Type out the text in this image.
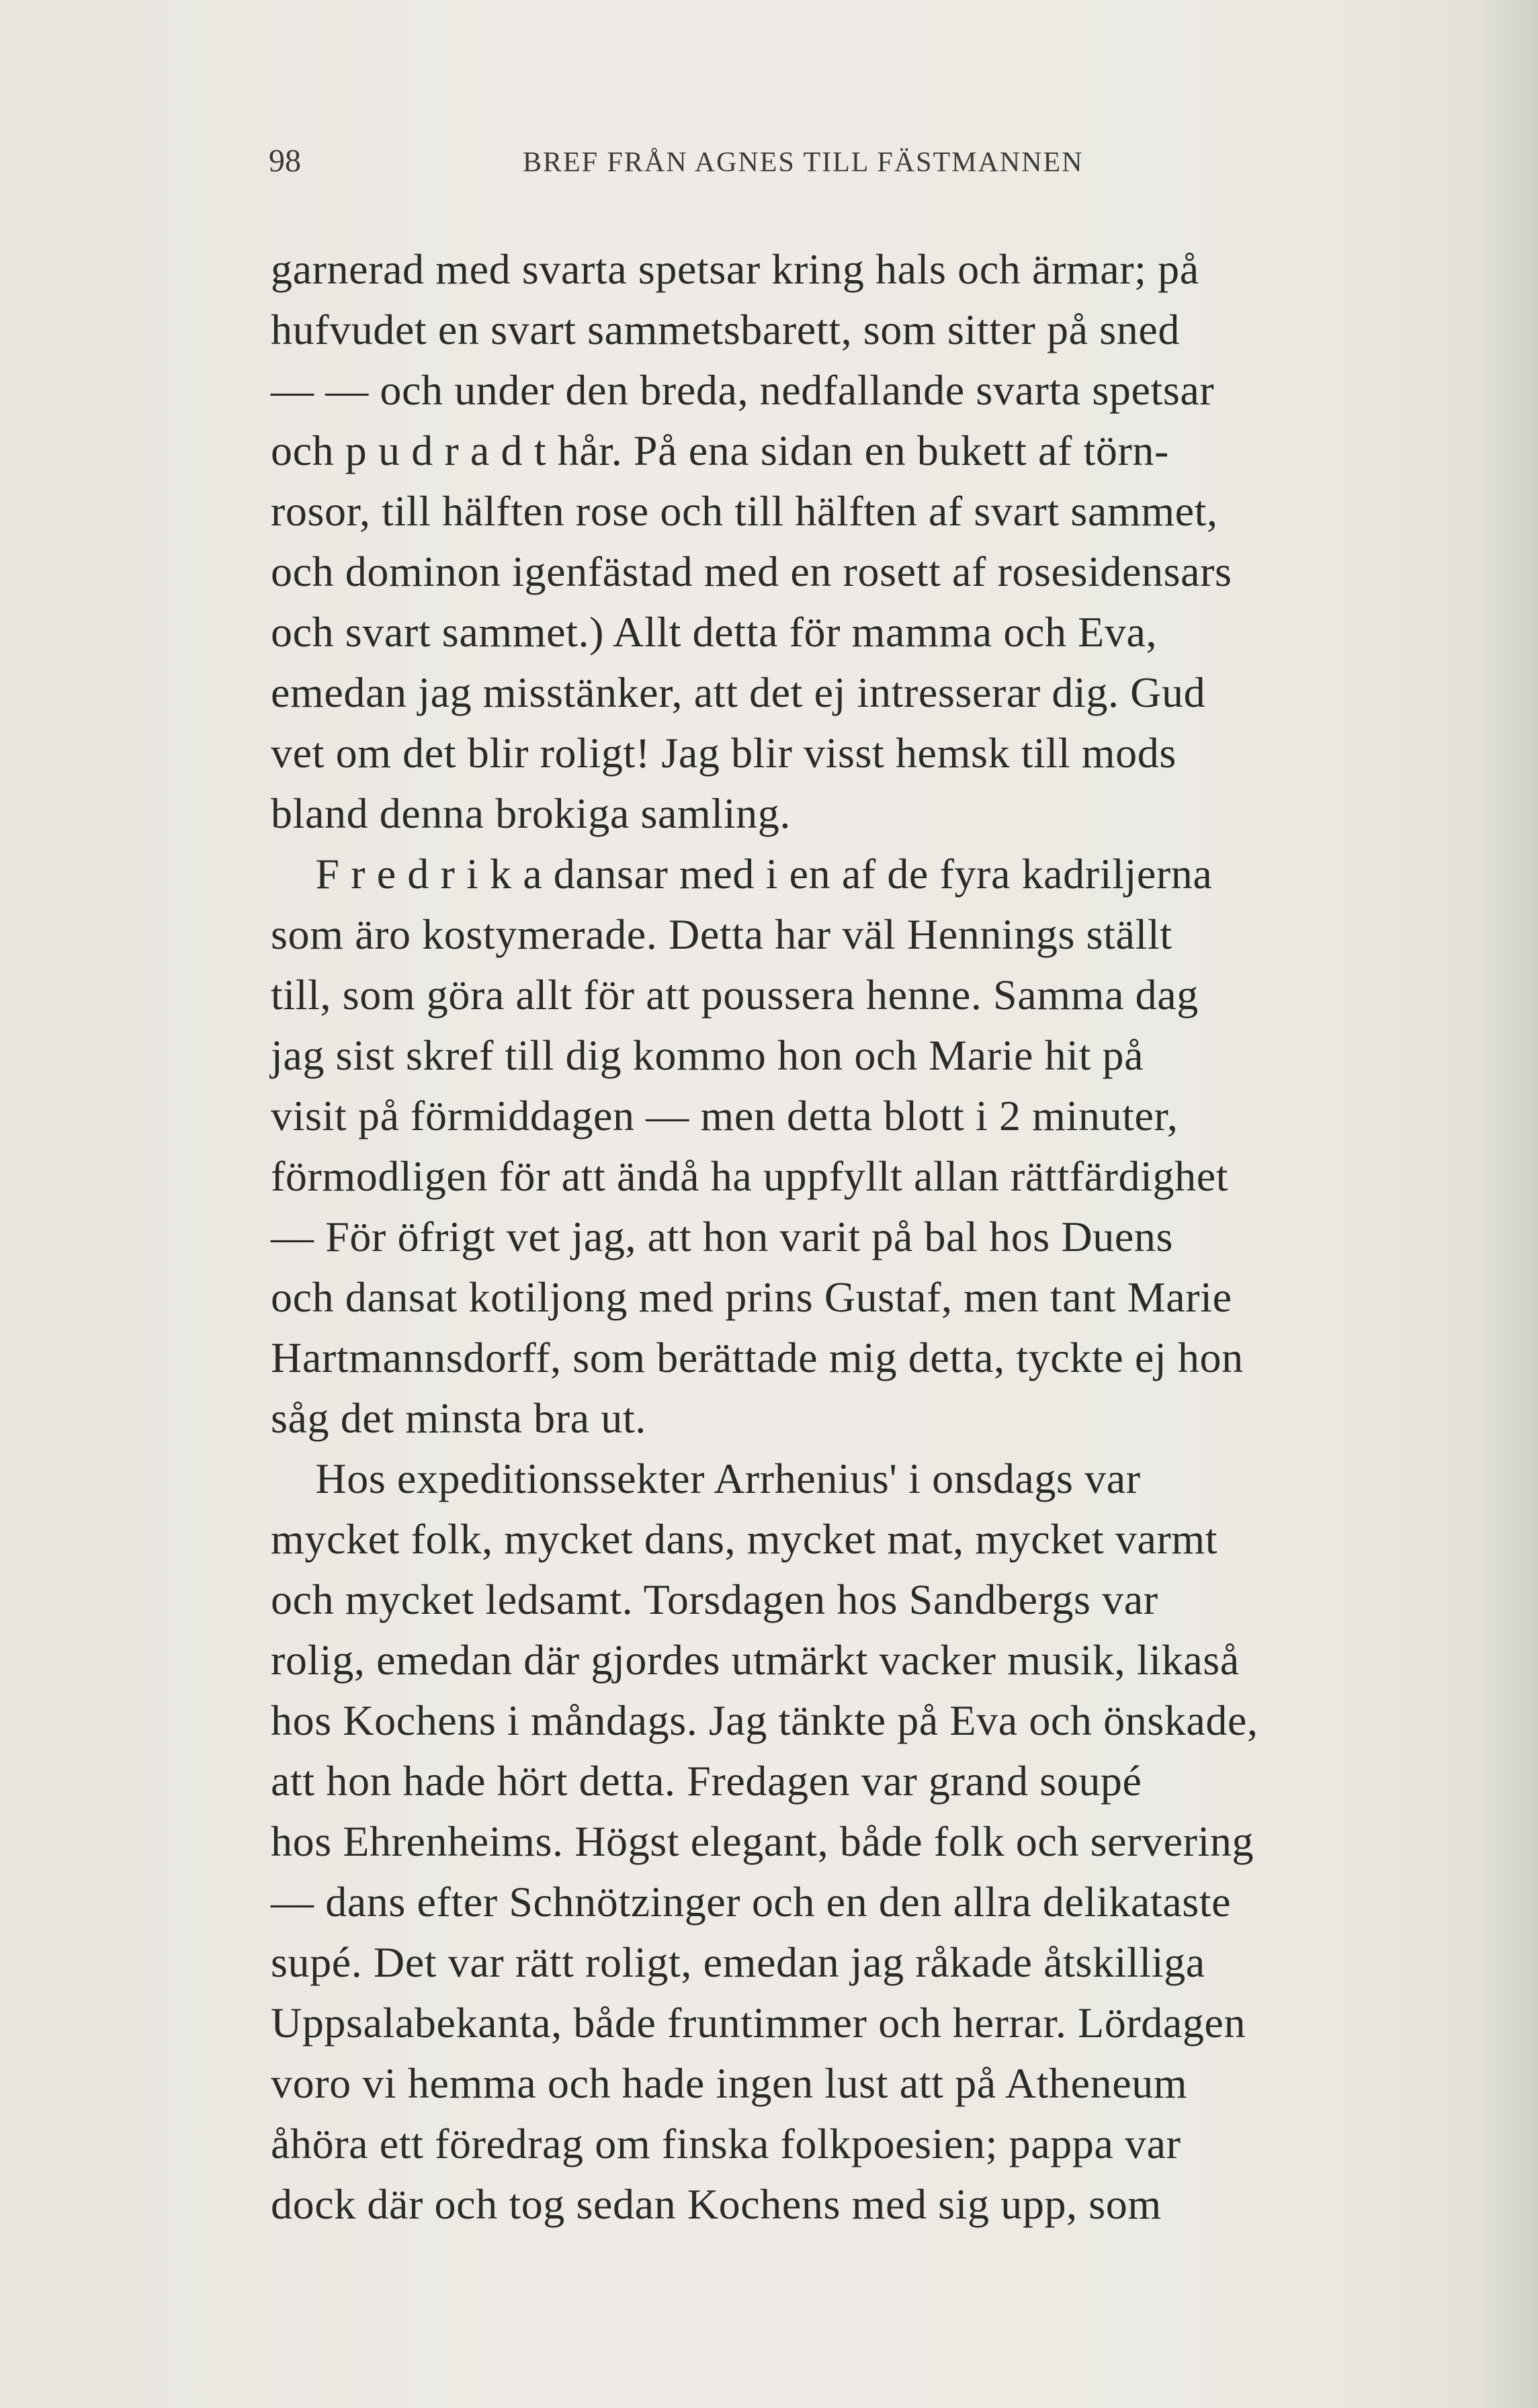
98	BREF FRÅN AGNES TILL FÄSTMANNEN
garnerad med svarta spetsar kring hals och ärmar; på
hufvudet en svart sammetsbarett, som sitter på sned
— — och under den breda, nedfallande svarta spetsar
och p u d r a d t hår. På ena sidan en bukett af törn-
rosor, till hälften rose och till hälften af svart sammet,
och dominon igenfästad med en rosett af rosesidensars
och svart sammet.) Allt detta för mamma och Eva,
emedan jag misstänker, att det ej intresserar dig. Gud
vet om det blir roligt! Jag blir visst hemsk till mods
bland denna brokiga samling.
F r e d r i k a dansar med i en af de fyra kadriljerna
som äro kostymerade. Detta har väl Hennings ställt
till, som göra allt för att poussera henne. Samma dag
jag sist skref till dig kommo hon och Marie hit på
visit på förmiddagen — men detta blott i 2 minuter,
förmodligen för att ändå ha uppfyllt allan rättfärdighet
— För öfrigt vet jag, att hon varit på bal hos Duens
och dansat kotiljong med prins Gustaf, men tant Marie
Hartmannsdorff, som berättade mig detta, tyckte ej hon
såg det minsta bra ut.
Hos expeditionssekter Arrhenius' i onsdags var
mycket folk, mycket dans, mycket mat, mycket varmt
och mycket ledsamt. Torsdagen hos Sandbergs var
rolig, emedan där gjordes utmärkt vacker musik, likaså
hos Kochens i måndags. Jag tänkte på Eva och önskade,
att hon hade hört detta. Fredagen var grand soupé
hos Ehrenheims. Högst elegant, både folk och servering
— dans efter Schnötzinger och en den allra delikataste
supé. Det var rätt roligt, emedan jag råkade åtskilliga
Uppsalabekanta, både fruntimmer och herrar. Lördagen
voro vi hemma och hade ingen lust att på Atheneum
åhöra ett föredrag om finska folkpoesien; pappa var
dock där och tog sedan Kochens med sig upp, som
